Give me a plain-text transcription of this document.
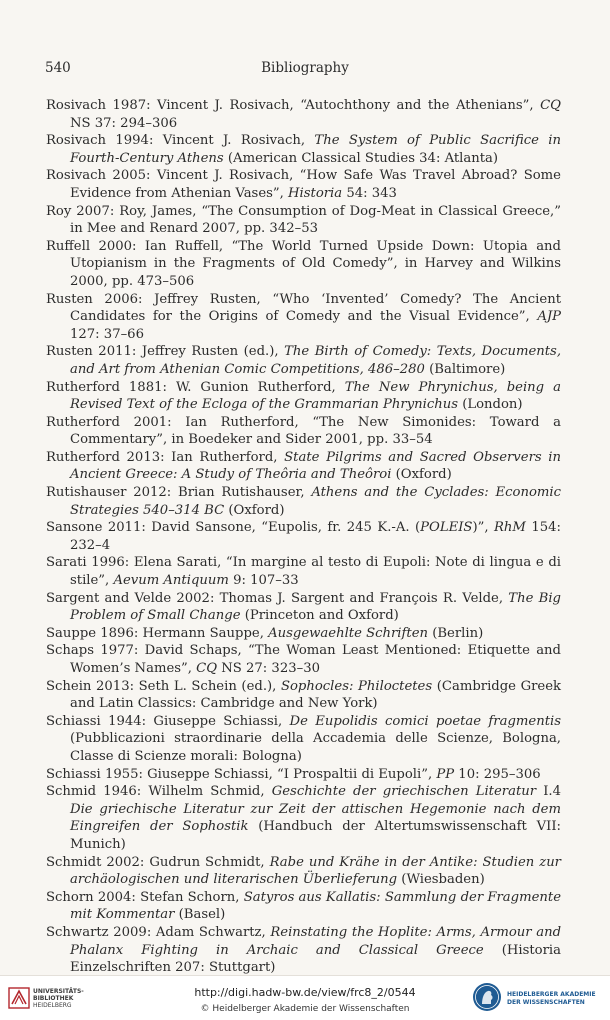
540	Bibliography

Rosivach 1987: Vincent J. Rosivach, “Autochthony and the Athenians”, CQ NS 37: 294–306

Rosivach 1994: Vincent J. Rosivach, The System of Public Sacrifice in Fourth-Century Athens (American Classical Studies 34: Atlanta)

Rosivach 2005: Vincent J. Rosivach, “How Safe Was Travel Abroad? Some Evidence from Athenian Vases”, Historia 54: 343

Roy 2007: Roy, James, “The Consumption of Dog-Meat in Classical Greece,” in Mee and Renard 2007, pp. 342–53

Ruffell 2000: Ian Ruffell, “The World Turned Upside Down: Utopia and Utopianism in the Fragments of Old Comedy”, in Harvey and Wilkins 2000, pp. 473–506

Rusten 2006: Jeffrey Rusten, “Who ‘Invented’ Comedy? The Ancient Candidates for the Origins of Comedy and the Visual Evidence”, AJP 127: 37–66

Rusten 2011: Jeffrey Rusten (ed.), The Birth of Comedy: Texts, Documents, and Art from Athenian Comic Competitions, 486–280 (Baltimore)

Rutherford 1881: W. Gunion Rutherford, The New Phrynichus, being a Revised Text of the Ecloga of the Grammarian Phrynichus (London)

Rutherford 2001: Ian Rutherford, “The New Simonides: Toward a Commentary”, in Boedeker and Sider 2001, pp. 33–54

Rutherford 2013: Ian Rutherford, State Pilgrims and Sacred Observers in Ancient Greece: A Study of Theôria and Theôroi (Oxford)

Rutishauser 2012: Brian Rutishauser, Athens and the Cyclades: Economic Strategies 540–314 BC (Oxford)

Sansone 2011: David Sansone, “Eupolis, fr. 245 K.-A. (POLEIS)”, RhM 154: 232–4

Sarati 1996: Elena Sarati, “In margine al testo di Eupoli: Note di lingua e di stile”, Aevum Antiquum 9: 107–33

Sargent and Velde 2002: Thomas J. Sargent and François R. Velde, The Big Problem of Small Change (Princeton and Oxford)

Sauppe 1896: Hermann Sauppe, Ausgewaehlte Schriften (Berlin)

Schaps 1977: David Schaps, “The Woman Least Mentioned: Etiquette and Women’s Names”, CQ NS 27: 323–30

Schein 2013: Seth L. Schein (ed.), Sophocles: Philoctetes (Cambridge Greek and Latin Classics: Cambridge and New York)

Schiassi 1944: Giuseppe Schiassi, De Eupolidis comici poetae fragmentis (Pubblicazioni straordinarie della Accademia delle Scienze, Bologna, Classe di Scienze morali: Bologna)

Schiassi 1955: Giuseppe Schiassi, “I Prospaltii di Eupoli”, PP 10: 295–306

Schmid 1946: Wilhelm Schmid, Geschichte der griechischen Literatur I.4 Die griechische Literatur zur Zeit der attischen Hegemonie nach dem Eingreifen der Sophostik (Handbuch der Altertumswissenschaft VII: Munich)

Schmidt 2002: Gudrun Schmidt, Rabe und Krähe in der Antike: Studien zur archäologischen und literarischen Überlieferung (Wiesbaden)

Schorn 2004: Stefan Schorn, Satyros aus Kallatis: Sammlung der Fragmente mit Kommentar (Basel)

Schwartz 2009: Adam Schwartz, Reinstating the Hoplite: Arms, Armour and Phalanx Fighting in Archaic and Classical Greece (Historia Einzelschriften 207: Stuttgart)

UNIVERSITÄTS-
BIBLIOTHEK
HEIDELBERG
http://digi.hadw-bw.de/view/frc8_2/0544
© Heidelberger Akademie der Wissenschaften
HEIDELBERGER AKADEMIE
DER WISSENSCHAFTEN
